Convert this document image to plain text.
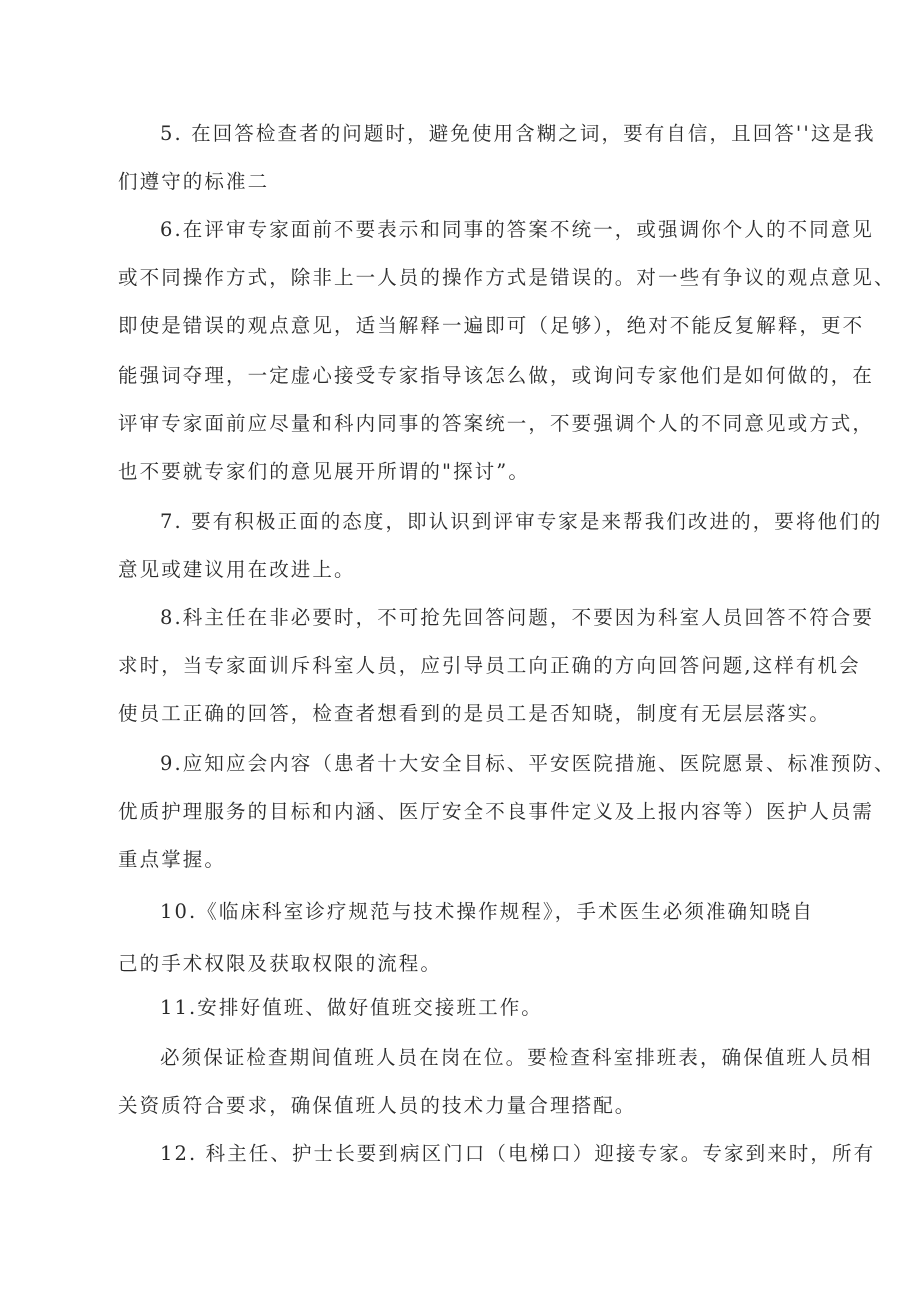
5. 在回答检查者的问题时，避免使用含糊之词，要有自信，且回答''这是我
们遵守的标准二
6.在评审专家面前不要表示和同事的答案不统一，或强调你个人的不同意见
或不同操作方式，除非上一人员的操作方式是错误的。对一些有争议的观点意见、
即使是错误的观点意见，适当解释一遍即可（足够），绝对不能反复解释，更不
能强词夺理，一定虚心接受专家指导该怎么做，或询问专家他们是如何做的，在
评审专家面前应尽量和科内同事的答案统一，不要强调个人的不同意见或方式，
也不要就专家们的意见展开所谓的"探讨”。
7. 要有积极正面的态度，即认识到评审专家是来帮我们改进的，要将他们的
意见或建议用在改进上。
8.科主任在非必要时，不可抢先回答问题，不要因为科室人员回答不符合要
求时，当专家面训斥科室人员，应引导员工向正确的方向回答问题,这样有机会
使员工正确的回答，检查者想看到的是员工是否知晓，制度有无层层落实。
9.应知应会内容（患者十大安全目标、平安医院措施、医院愿景、标准预防、
优质护理服务的目标和内涵、医厅安全不良事件定义及上报内容等）医护人员需
重点掌握。
10.《临床科室诊疗规范与技术操作规程》，手术医生必须准确知晓自
己的手术权限及获取权限的流程。
11.安排好值班、做好值班交接班工作。
必须保证检查期间值班人员在岗在位。要检查科室排班表，确保值班人员相
关资质符合要求，确保值班人员的技术力量合理搭配。
12. 科主任、护士长要到病区门口（电梯口）迎接专家。专家到来时，所有
